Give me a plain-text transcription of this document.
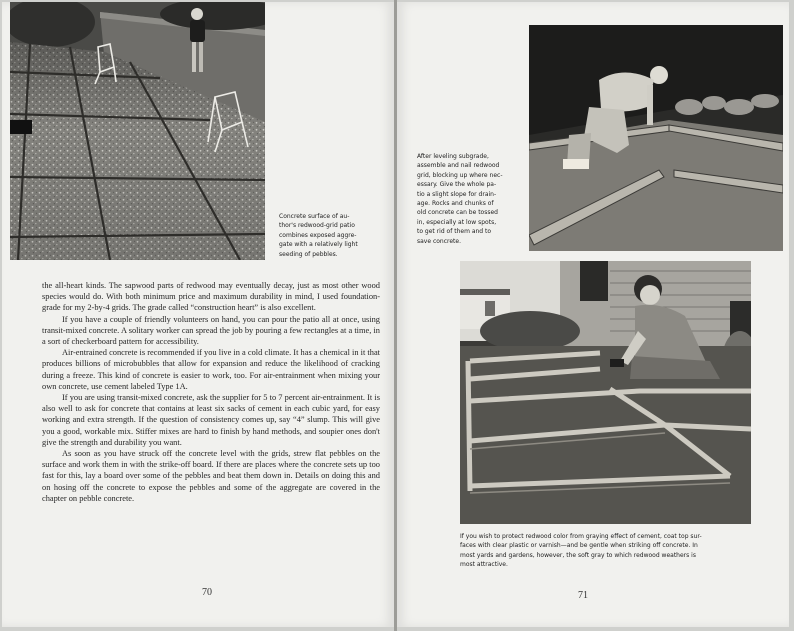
Concrete surface of au-
thor's redwood-grid patio
combines exposed aggre-
gate with a relatively light
seeding of pebbles.

the all-heart kinds. The sapwood parts of redwood may eventually decay, just as most other wood species would do. With both minimum price and maximum durability in mind, I used foundation-grade for my 2-by-4 grids. The grade called “construction heart” is also excellent.

If you have a couple of friendly volunteers on hand, you can pour the patio all at once, using transit-mixed concrete. A solitary worker can spread the job by pouring a few rectangles at a time, in a sort of checkerboard pattern for accessibility.

Air-entrained concrete is recommended if you live in a cold climate. It has a chemical in it that produces billions of microbubbles that allow for expansion and reduce the likelihood of cracking during a freeze. This kind of concrete is easier to work, too. For air-entrainment when mixing your own concrete, use cement labeled Type 1A.

If you are using transit-mixed concrete, ask the supplier for 5 to 7 percent air-entrainment. It is also well to ask for concrete that contains at least six sacks of cement in each cubic yard, for easy working and extra strength. If the question of consistency comes up, say “4” slump. This will give you a good, workable mix. Stiffer mixes are hard to finish by hand methods, and soupier ones don't give the strength and durability you want.

As soon as you have struck off the concrete level with the grids, strew flat pebbles on the surface and work them in with the strike-off board. If there are places where the concrete sets up too fast for this, lay a board over some of the pebbles and beat them down in. Details on doing this and on hosing off the concrete to expose the pebbles and some of the aggregate are covered in the chapter on pebble concrete.

70
After leveling subgrade,
assemble and nail redwood
grid, blocking up where nec-
essary. Give the whole pa-
tio a slight slope for drain-
age. Rocks and chunks of
old concrete can be tossed
in, especially at low spots,
to get rid of them and to
save concrete.
If you wish to protect redwood color from graying effect of cement, coat top sur-
faces with clear plastic or varnish—and be gentle when striking off concrete. In
most yards and gardens, however, the soft gray to which redwood weathers is
most attractive.
71
